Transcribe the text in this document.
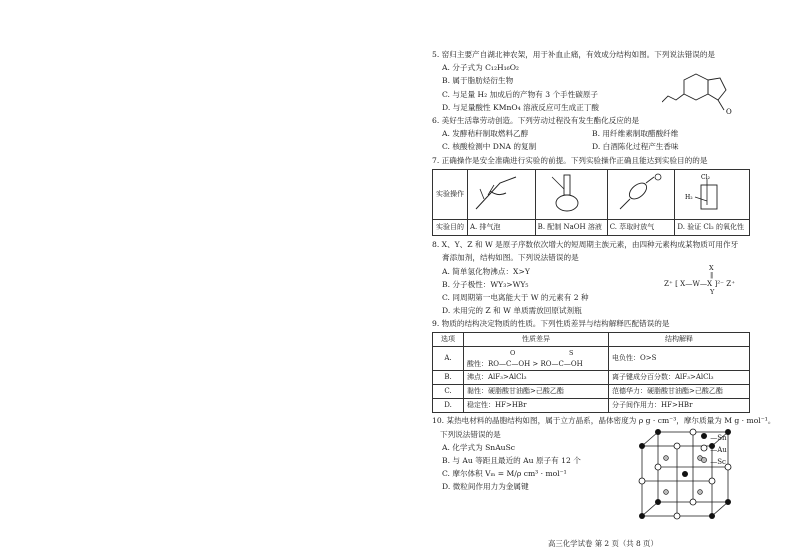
5. 窑归主要产自湖北神农架，用于补血止痛，有效成分结构如图。下列说法错误的是

A. 分子式为 C₁₂H₁₆O₂
B. 属于脂肪烃衍生物
C. 与足量 H₂ 加成后的产物有 3 个手性碳原子
D. 与足量酸性 KMnO₄ 溶液反应可生成正丁酸

6. 美好生活靠劳动创造。下列劳动过程没有发生酯化反应的是

A. 发酵秸秆制取燃料乙醇	B. 用纤维素制取醋酸纤维
C. 核酸检测中 DNA 的复制	D. 白酒陈化过程产生香味

7. 正确操作是安全准确进行实验的前提。下列实验操作正确且能达到实验目的的是

实验操作				Cl₂
H₂

实验目的	A. 排气泡	B. 配制 NaOH 溶液	C. 萃取时放气	D. 验证 Cl₂ 的氧化性

8. X、Y、Z 和 W 是原子序数依次增大的短周期主族元素，由四种元素构成某物质可用作牙

膏添加剂，结构如图。下列说法错误的是

A. 简单氢化物沸点：X>Y
B. 分子极性：WY₃>WY₅
C. 同周期第一电离能大于 W 的元素有 2 种
D. 未用完的 Z 和 W 单质需放回原试剂瓶

9. 物质的结构决定物质的性质。下列性质差异与结构解释匹配错误的是

选项	性质差异	结构解释
A.	O S
酸性：RO—C—OH > RO—C—OH	电负性：O>S
B.	沸点：AlF₃>AlCl₃	离子键成分百分数：AlF₃>AlCl₃
C.	黏性：硬脂酸甘油酯>己酸乙酯	范德华力：硬脂酸甘油酯>己酸乙酯
D.	稳定性：HF>HBr	分子间作用力：HF>HBr

10. 某热电材料的晶胞结构如图，属于立方晶系，晶体密度为 ρ g · cm⁻³，摩尔质量为 M g · mol⁻¹。

下列说法错误的是

A. 化学式为 SnAuSc
B. 与 Au 等距且最近的 Au 原子有 12 个
C. 摩尔体积 Vₘ = M/ρ cm³ · mol⁻¹
D. 微粒间作用力为金属键
O
X
‖
Z⁺ [ X—W—X ]²⁻ Z⁺
Y
—Sn
—Au
—Sc
高三化学试卷 第 2 页（共 8 页）
